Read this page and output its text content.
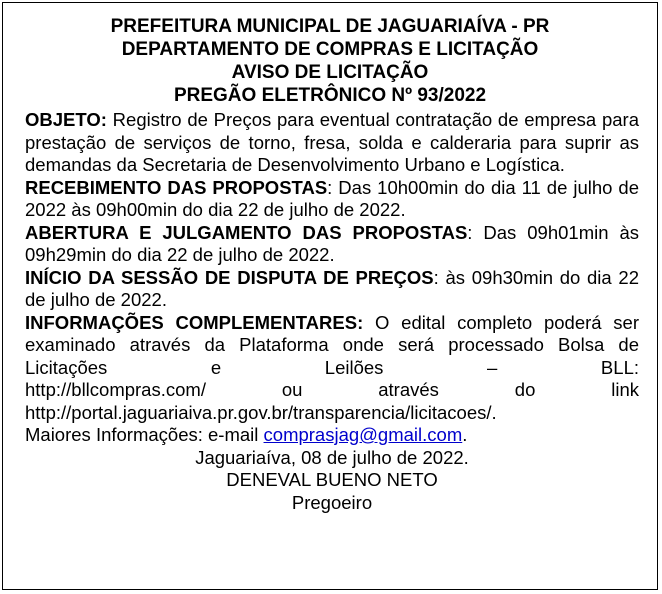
PREFEITURA MUNICIPAL DE JAGUARIAÍVA - PR

DEPARTAMENTO DE COMPRAS E LICITAÇÃO

AVISO DE LICITAÇÃO

PREGÃO ELETRÔNICO Nº 93/2022

OBJETO: Registro de Preços para eventual contratação de empresa para prestação de serviços de torno, fresa, solda e calderaria para suprir as demandas da Secretaria de Desenvolvimento Urbano e Logística.

RECEBIMENTO DAS PROPOSTAS: Das 10h00min do dia 11 de julho de 2022 às 09h00min do dia 22 de julho de 2022.

ABERTURA E JULGAMENTO DAS PROPOSTAS: Das 09h01min às 09h29min do dia 22 de julho de 2022.

INÍCIO DA SESSÃO DE DISPUTA DE PREÇOS: às 09h30min do dia 22 de julho de 2022.

INFORMAÇÕES COMPLEMENTARES: O edital completo poderá ser examinado através da Plataforma onde será processado Bolsa de Licitações e Leilões – BLL:

http://bllcompras.com/	ou	através	do	link

http://portal.jaguariaiva.pr.gov.br/transparencia/licitacoes/.

Maiores Informações: e-mail comprasjag@gmail.com.

Jaguariaíva, 08 de julho de 2022.

DENEVAL BUENO NETO

Pregoeiro
